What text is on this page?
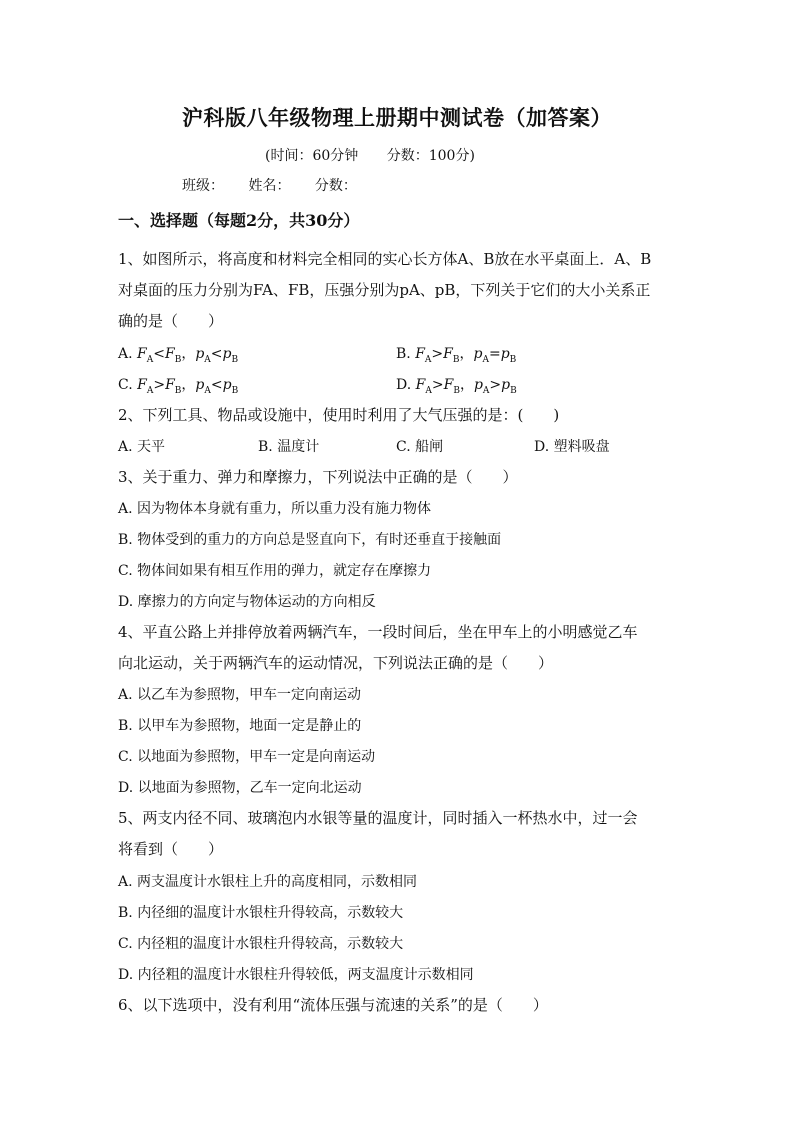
沪科版八年级物理上册期中测试卷（加答案）
(时间：60分钟 分数：100分)
班级： 姓名： 分数：
一、选择题（每题2分，共30分）
1、如图所示，将高度和材料完全相同的实心长方体A、B放在水平桌面上．A、B
对桌面的压力分别为FA、FB，压强分别为pA、pB，下列关于它们的大小关系正
确的是（　　）
A. $F_A<F_B$，$p_A<p_B$	B. $F_A>F_B$，$p_A=p_B$
C. $F_A>F_B$，$p_A<p_B$	D. $F_A>F_B$，$p_A>p_B$
2、下列工具、物品或设施中，使用时利用了大气压强的是：(　　)
A. 天平	B. 温度计	C. 船闸	D. 塑料吸盘
3、关于重力、弹力和摩擦力，下列说法中正确的是（　　）
A. 因为物体本身就有重力，所以重力没有施力物体
B. 物体受到的重力的方向总是竖直向下，有时还垂直于接触面
C. 物体间如果有相互作用的弹力，就定存在摩擦力
D. 摩擦力的方向定与物体运动的方向相反
4、平直公路上并排停放着两辆汽车，一段时间后，坐在甲车上的小明感觉乙车
向北运动，关于两辆汽车的运动情况，下列说法正确的是（　　）
A. 以乙车为参照物，甲车一定向南运动
B. 以甲车为参照物，地面一定是静止的
C. 以地面为参照物，甲车一定是向南运动
D. 以地面为参照物，乙车一定向北运动
5、两支内径不同、玻璃泡内水银等量的温度计，同时插入一杯热水中，过一会
将看到（　　）
A. 两支温度计水银柱上升的高度相同，示数相同
B. 内径细的温度计水银柱升得较高，示数较大
C. 内径粗的温度计水银柱升得较高，示数较大
D. 内径粗的温度计水银柱升得较低，两支温度计示数相同
6、以下选项中，没有利用“流体压强与流速的关系”的是（　　）
